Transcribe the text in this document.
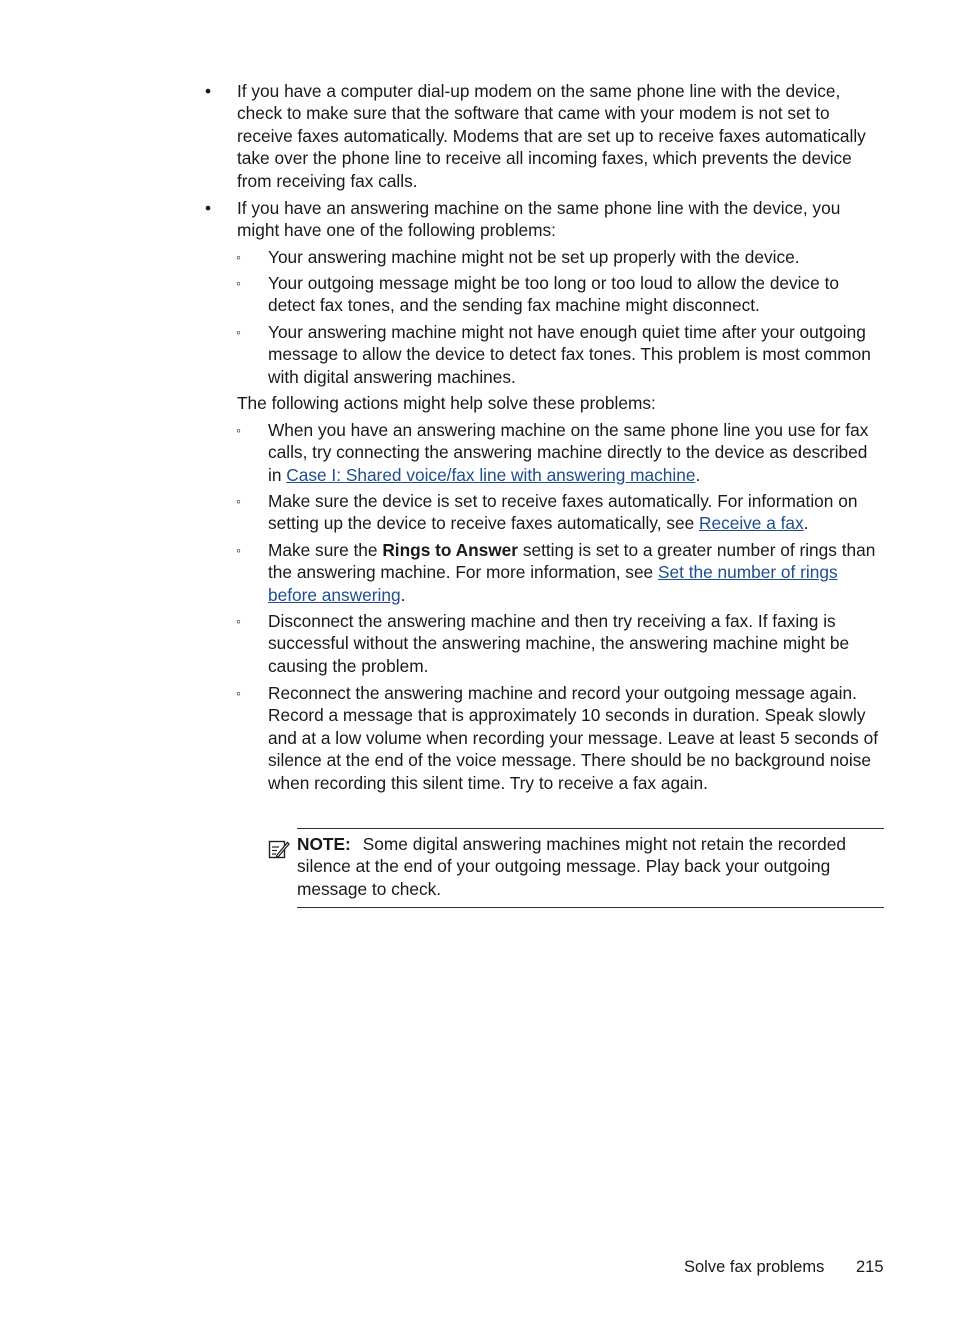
•	If you have a computer dial-up modem on the same phone line with the device, check to make sure that the software that came with your modem is not set to receive faxes automatically. Modems that are set up to receive faxes automatically take over the phone line to receive all incoming faxes, which prevents the device from receiving fax calls.
•	If you have an answering machine on the same phone line with the device, you might have one of the following problems:
◦	Your answering machine might not be set up properly with the device.
◦	Your outgoing message might be too long or too loud to allow the device to detect fax tones, and the sending fax machine might disconnect.
◦	Your answering machine might not have enough quiet time after your outgoing message to allow the device to detect fax tones. This problem is most common with digital answering machines.
The following actions might help solve these problems:
◦	When you have an answering machine on the same phone line you use for fax calls, try connecting the answering machine directly to the device as described in Case I: Shared voice/fax line with answering machine.
◦	Make sure the device is set to receive faxes automatically. For information on setting up the device to receive faxes automatically, see Receive a fax.
◦	Make sure the Rings to Answer setting is set to a greater number of rings than the answering machine. For more information, see Set the number of rings before answering.
◦	Disconnect the answering machine and then try receiving a fax. If faxing is successful without the answering machine, the answering machine might be causing the problem.
◦	Reconnect the answering machine and record your outgoing message again. Record a message that is approximately 10 seconds in duration. Speak slowly and at a low volume when recording your message. Leave at least 5 seconds of silence at the end of the voice message. There should be no background noise when recording this silent time. Try to receive a fax again.
NOTE: Some digital answering machines might not retain the recorded silence at the end of your outgoing message. Play back your outgoing message to check.
Solve fax problems 215
